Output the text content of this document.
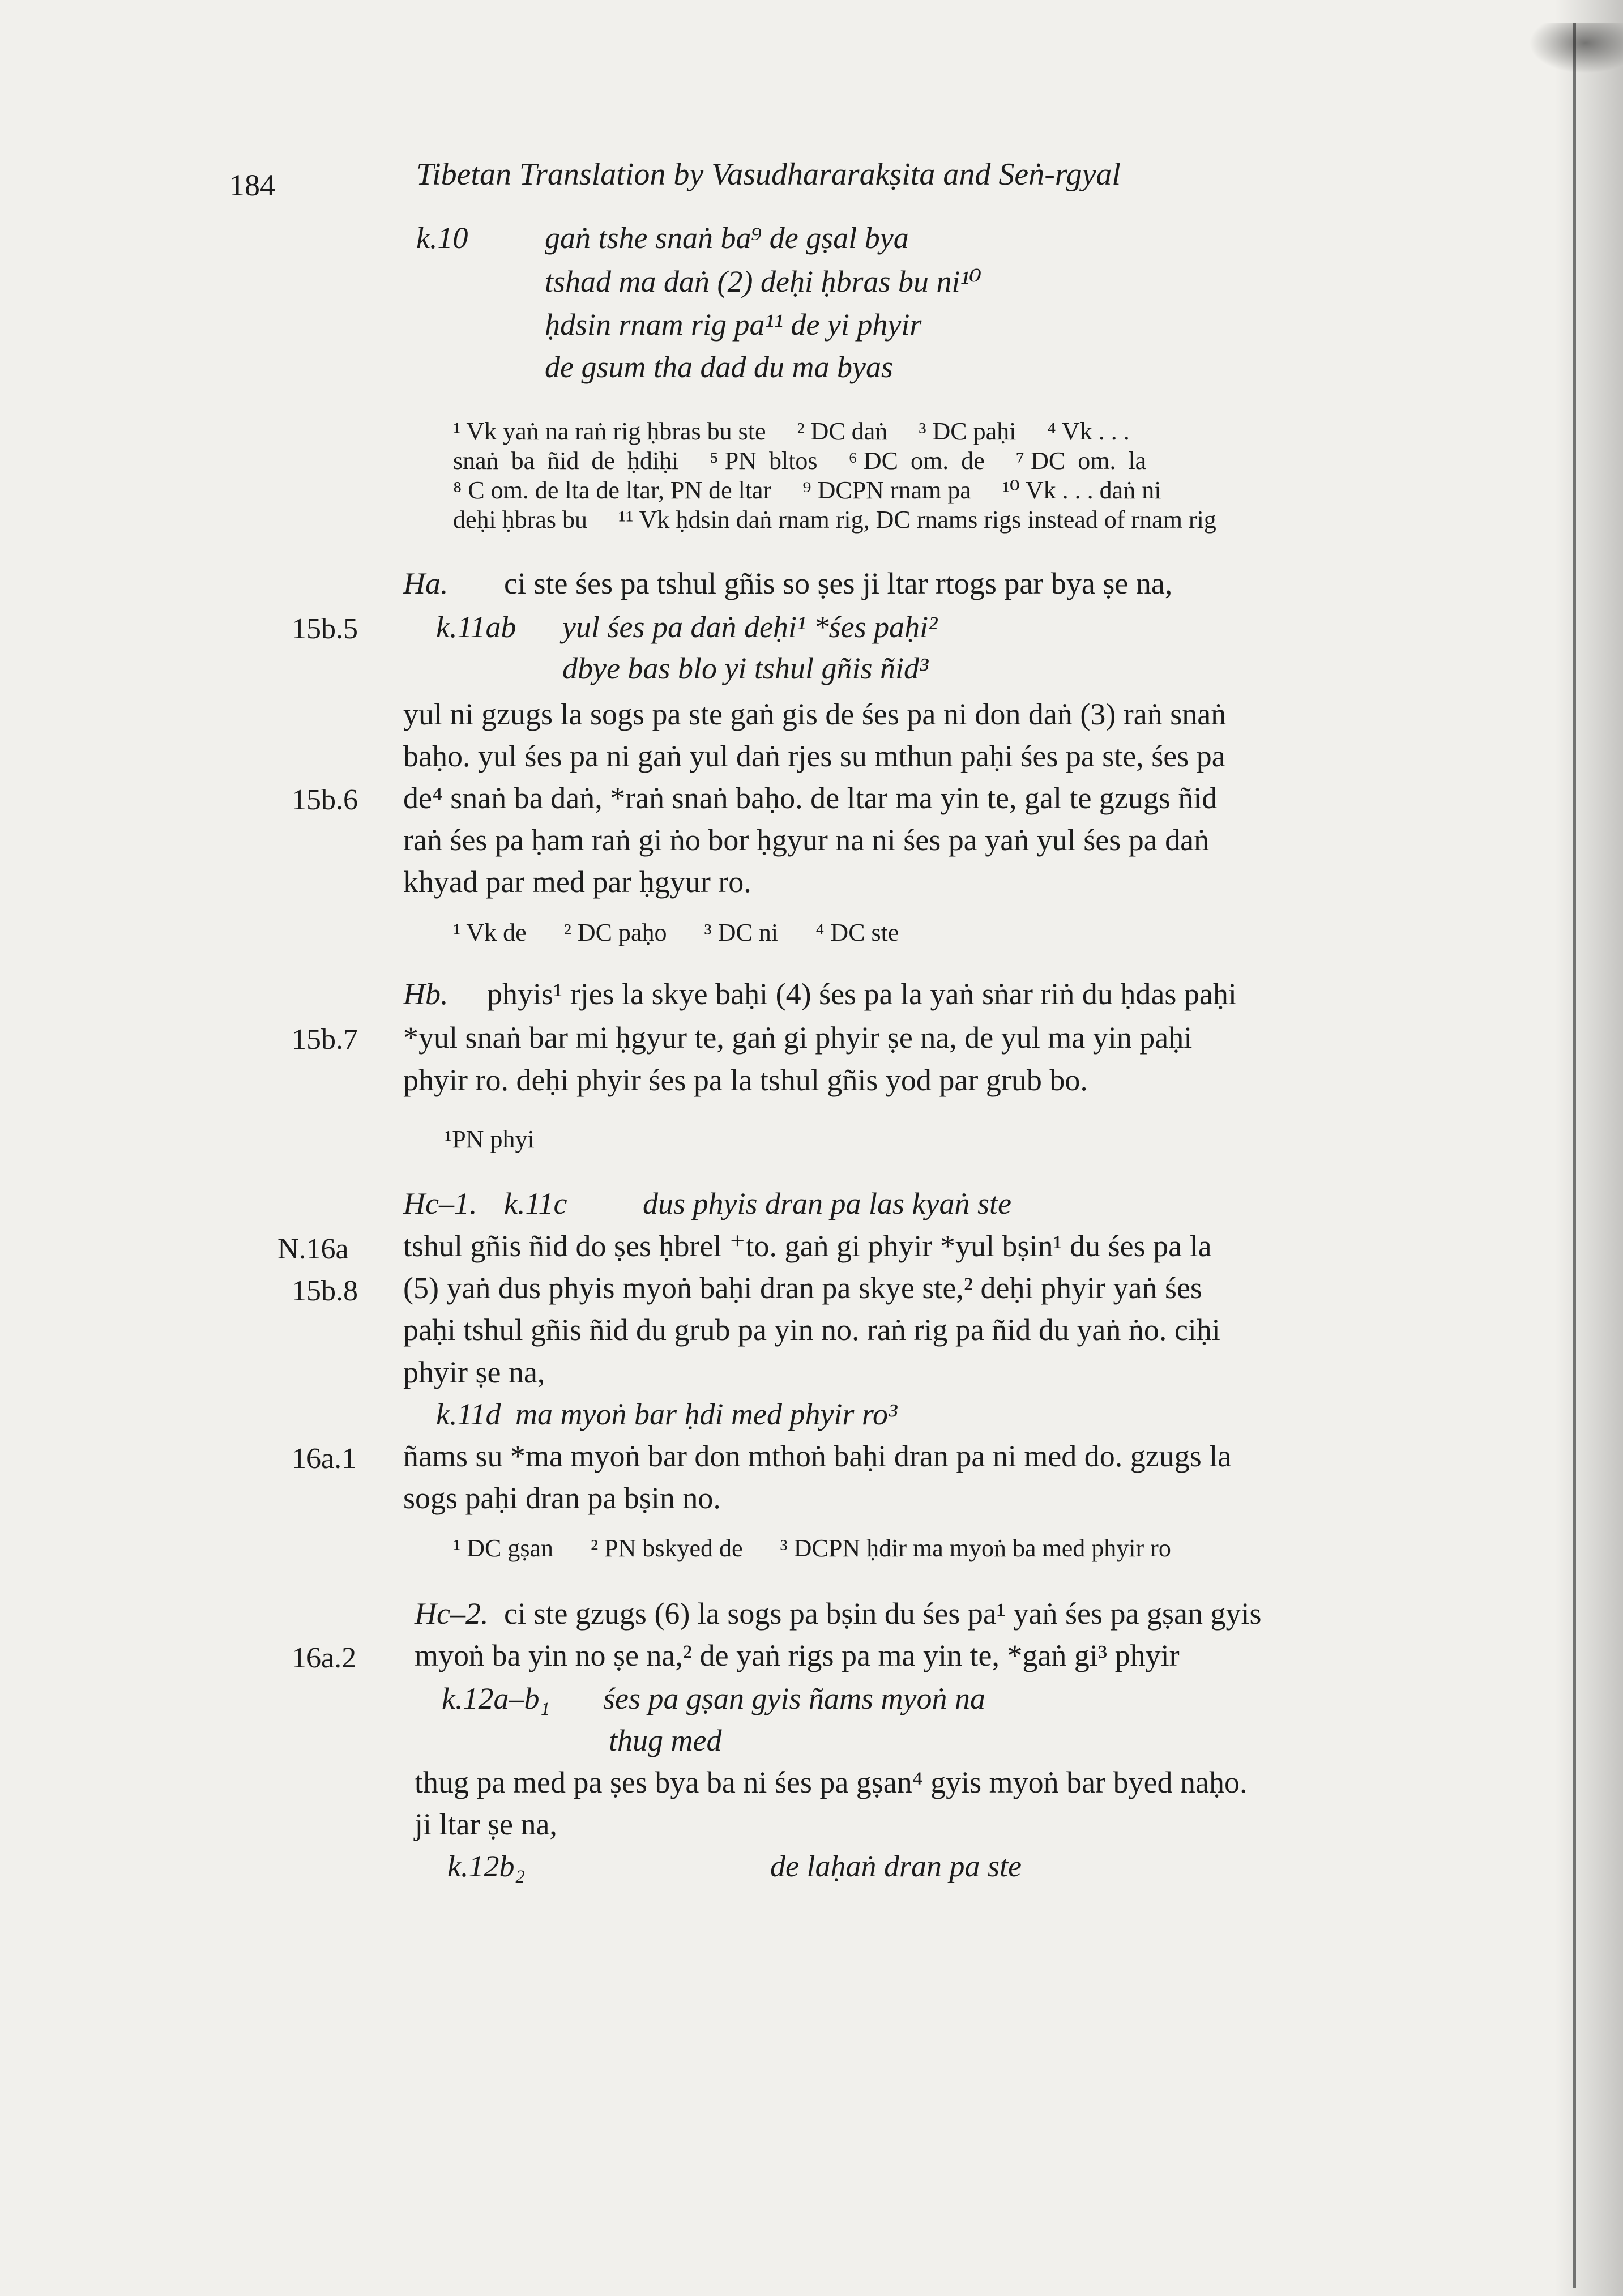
184	Tibetan Translation by Vasudhararakṣita and Seṅ-rgyal
k.10	gaṅ tshe snaṅ ba⁹ de gṣal bya
tshad ma daṅ (2) deḥi ḥbras bu ni¹⁰
ḥdsin rnam rig pa¹¹ de yi phyir
de gsum tha dad du ma byas
¹ Vk yaṅ na raṅ rig ḥbras bu ste     ² DC daṅ     ³ DC paḥi     ⁴ Vk . . .
snaṅ  ba  ñid  de  ḥdiḥi     ⁵ PN  bltos     ⁶ DC  om.  de     ⁷ DC  om.  la
⁸ C om. de lta de ltar, PN de ltar     ⁹ DCPN rnam pa     ¹⁰ Vk . . . daṅ ni
deḥi ḥbras bu     ¹¹ Vk ḥdsin daṅ rnam rig, DC rnams rigs instead of rnam rig
Ha. ci ste śes pa tshul gñis so ṣes ji ltar rtogs par bya ṣe na,
15b.5	k.11ab yul śes pa daṅ deḥi¹ *śes paḥi²
dbye bas blo yi tshul gñis ñid³
yul ni gzugs la sogs pa ste gaṅ gis de śes pa ni don daṅ (3) raṅ snaṅ
baḥo. yul śes pa ni gaṅ yul daṅ rjes su mthun paḥi śes pa ste, śes pa
15b.6 de⁴ snaṅ ba daṅ, *raṅ snaṅ baḥo. de ltar ma yin te, gal te gzugs ñid
raṅ śes pa ḥam raṅ gi ṅo bor ḥgyur na ni śes pa yaṅ yul śes pa daṅ
khyad par med par ḥgyur ro.
¹ Vk de      ² DC paḥo      ³ DC ni      ⁴ DC ste
Hb. phyis¹ rjes la skye baḥi (4) śes pa la yaṅ sṅar riṅ du ḥdas paḥi
15b.7 *yul snaṅ bar mi ḥgyur te, gaṅ gi phyir ṣe na, de yul ma yin paḥi
phyir ro. deḥi phyir śes pa la tshul gñis yod par grub bo.
¹PN phyi
Hc–1. k.11c dus phyis dran pa las kyaṅ ste
N.16a tshul gñis ñid do ṣes ḥbrel ⁺to. gaṅ gi phyir *yul bṣin¹ du śes pa la
15b.8 (5) yaṅ dus phyis myoṅ baḥi dran pa skye ste,² deḥi phyir yaṅ śes
paḥi tshul gñis ñid du grub pa yin no. raṅ rig pa ñid du yaṅ ṅo. ciḥi
phyir ṣe na,
k.11d ma myoṅ bar ḥdi med phyir ro³
16a.1 ñams su *ma myoṅ bar don mthoṅ baḥi dran pa ni med do. gzugs la
sogs paḥi dran pa bṣin no.
¹ DC gṣan      ² PN bskyed de      ³ DCPN ḥdir ma myoṅ ba med phyir ro
Hc–2. ci ste gzugs (6) la sogs pa bṣin du śes pa¹ yaṅ śes pa gṣan gyis
16a.2 myoṅ ba yin no ṣe na,² de yaṅ rigs pa ma yin te, *gaṅ gi³ phyir
k.12a–b₁ śes pa gṣan gyis ñams myoṅ na
thug med
thug pa med pa ṣes bya ba ni śes pa gṣan⁴ gyis myoṅ bar byed naḥo.
ji ltar ṣe na,
k.12b₂	de laḥaṅ dran pa ste
